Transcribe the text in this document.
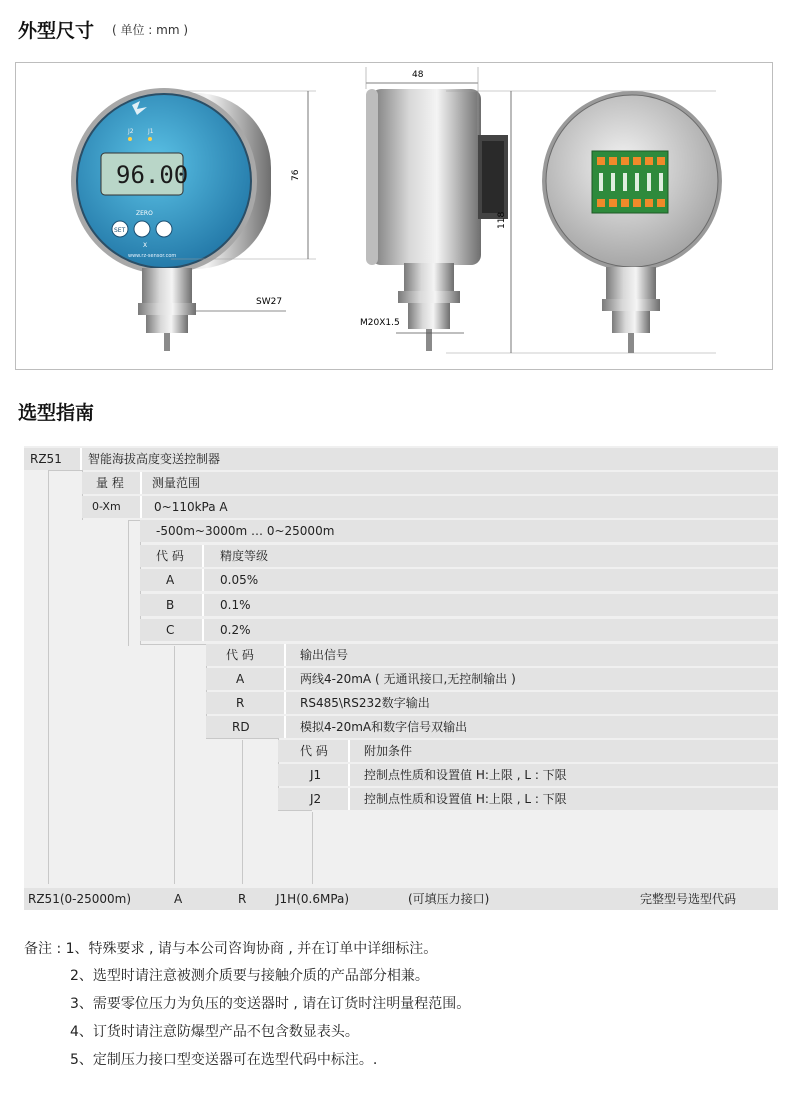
外型尺寸 ( 单位 : mm )
96.00
J2 J1
ZERO
SET
X
www.rz-sensor.com
SW27
76
48
M20X1.5
118
选型指南
RZ51 智能海拔高度变送控制器
量 程 测量范围
0-Xm	0~110kPa A
-500m~3000m … 0~25000m
代 码	精度等级
A	0.05%
B	0.1%
C	0.2%
代 码	输出信号
A	两线4-20mA ( 无通讯接口,无控制输出 )
R	RS485\RS232数字输出
RD	模拟4-20mA和数字信号双输出
代 码	附加条件
J1	控制点性质和设置值 H:上限 , L : 下限
J2	控制点性质和设置值 H:上限 , L : 下限
RZ51(0-25000m)	A	R J1H(0.6MPa)	(可填压力接口)	完整型号选型代码
备注 : 1、特殊要求 , 请与本公司咨询协商 , 并在订单中详细标注。
2、选型时请注意被测介质要与接触介质的产品部分相兼。
3、需要零位压力为负压的变送器时 , 请在订货时注明量程范围。
4、订货时请注意防爆型产品不包含数显表头。
5、定制压力接口型变送器可在选型代码中标注。.
